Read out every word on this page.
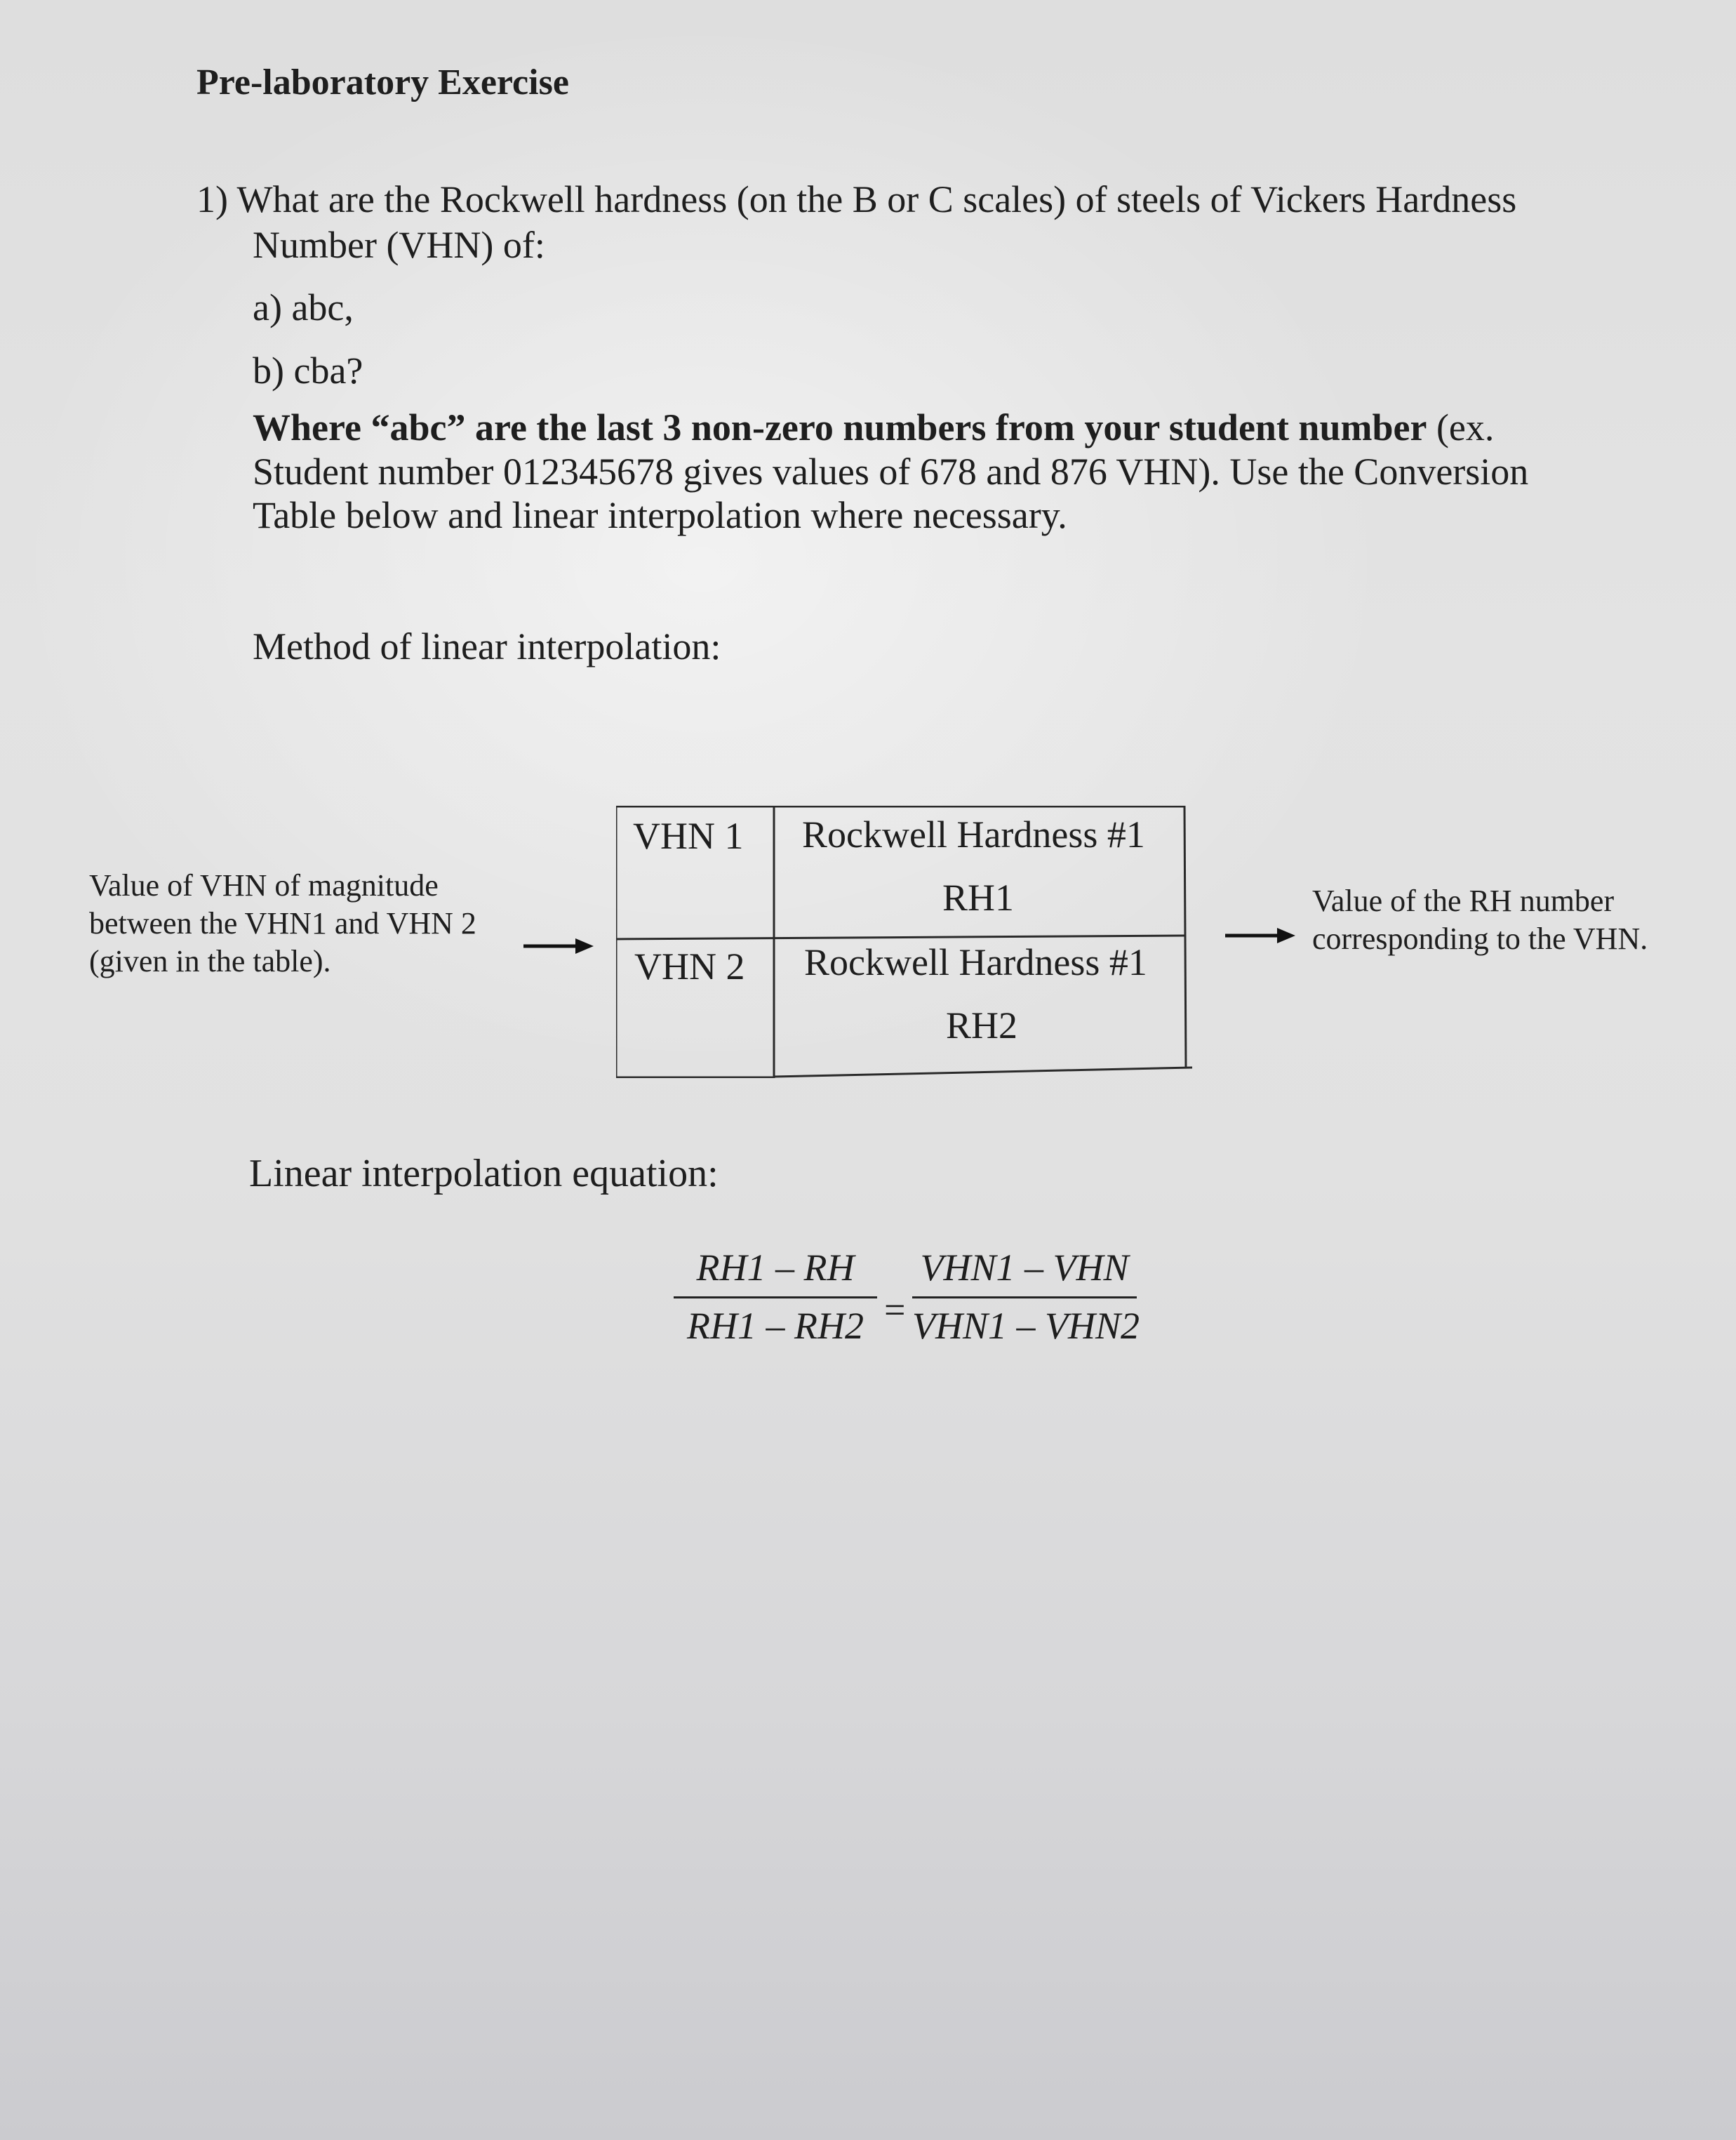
Pre-laboratory Exercise
1) What are the Rockwell hardness (on the B or C scales) of steels of Vickers Hardness
Number (VHN) of:
a) abc,
b) cba?
Where “abc” are the last 3 non-zero numbers from your student number (ex.
Student number 012345678 gives values of 678 and 876 VHN). Use the Conversion
Table below and linear interpolation where necessary.
Method of linear interpolation:
Value of VHN of magnitude
between the VHN1 and VHN 2
(given in the table).
VHN 1 Rockwell Hardness #1
RH1
VHN 2 Rockwell Hardness #1
RH2
Value of the RH number
corresponding to the VHN.
Linear interpolation equation:
RH1 – RH
RH1 – RH2 =
VHN1 – VHN
VHN1 – VHN2
